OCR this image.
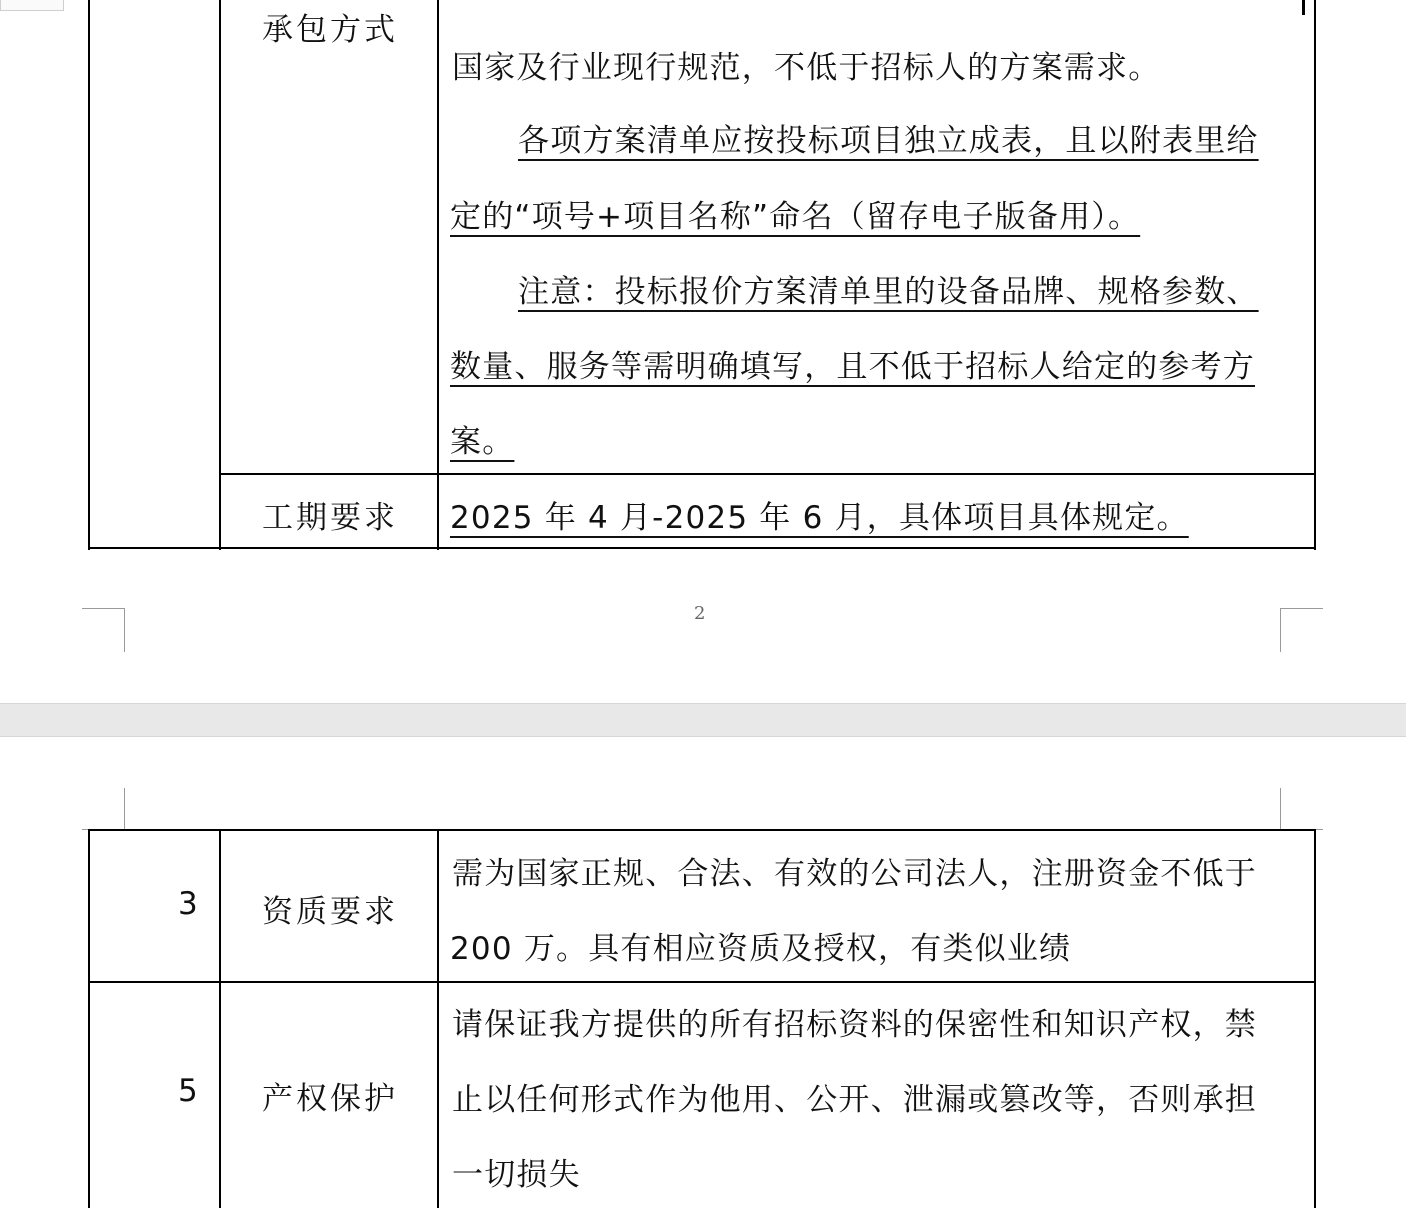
承包方式
国家及行业现行规范，不低于招标人的方案需求。
各项方案清单应按投标项目独立成表，且以附表里给
定的“项号+项目名称”命名（留存电子版备用）。
注意：投标报价方案清单里的设备品牌、规格参数、
数量、服务等需明确填写，且不低于招标人给定的参考方
案。
工期要求 2025 年 4 月-2025 年 6 月，具体项目具体规定。
2
3 资质要求
需为国家正规、合法、有效的公司法人，注册资金不低于
200 万。具有相应资质及授权，有类似业绩
5 产权保护
请保证我方提供的所有招标资料的保密性和知识产权，禁
止以任何形式作为他用、公开、泄漏或篡改等，否则承担
一切损失
